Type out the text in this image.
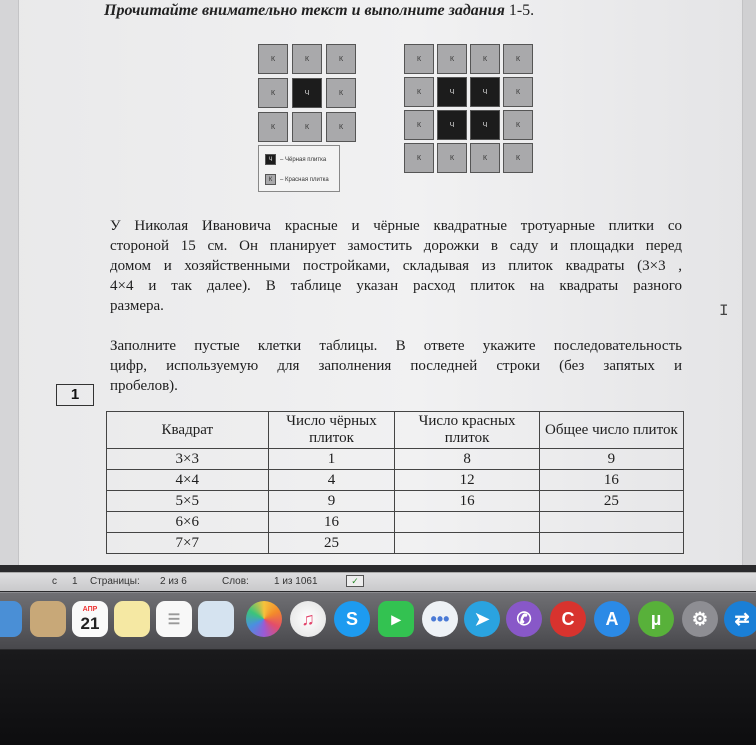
Прочитайте внимательно текст и выполните задания 1-5.
К	К	К
К	Ч	К
К	К	К
К	К	К	К
К	Ч	Ч	К
К	Ч	Ч	К
К	К	К	К
Ч	– Чёрная плитка
К	– Красная плитка
У Николая Ивановича красные и чёрные квадратные тротуарные плитки со
стороной 15 см. Он планирует замостить дорожки в саду и площадки перед
домом и хозяйственными постройками, складывая из плиток квадраты (3×3 ,
4×4 и так далее). В таблице указан расход плиток на квадраты разного
размера.
Заполните пустые клетки таблицы. В ответе укажите последовательность
цифр, используемую для заполнения последней строки (без запятых и
пробелов).
1
I
Квадрат	Число чёрных плиток	Число красных плиток	Общее число плиток
3×3	1	8	9
4×4	4	12	16
5×5	9	16	25
6×6	16		
7×7	25		
с 1 Страницы: 2 из 6	Слов:	1 из 1061	✓
АПР
21	☰	♫	S	▸	•••	➤	✆	C	A	µ	⚙	⇄
